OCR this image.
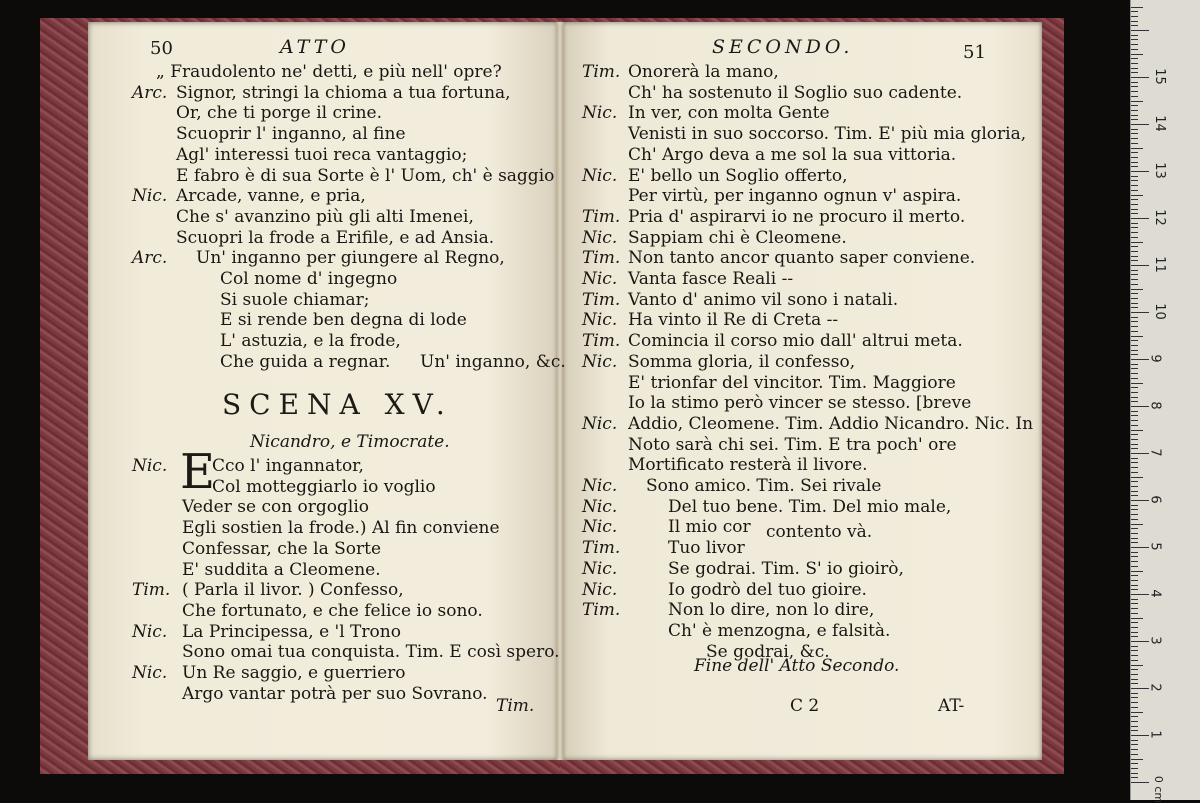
50	ATTO
„ Fraudolento ne' detti, e più nell' opre?
Arc. Signor, stringi la chioma a tua fortuna,
Or, che ti porge il crine.
Scuoprir l' inganno, al fine
Agl' interessi tuoi reca vantaggio;
E fabro è di sua Sorte è l' Uom, ch' è saggio
Nic. Arcade, vanne, e pria,
Che s' avanzino più gli alti Imenei,
Scuopri la frode a Erifile, e ad Ansia.
Arc. Un' inganno per giungere al Regno,
Col nome d' ingegno
Si suole chiamar;
E si rende ben degna di lode
L' astuzia, e la frode,
Che guida a regnar. Un' inganno, &c.
SCENA XV.
Nicandro, e Timocrate.
E
Nic.	Cco l' ingannator,
Col motteggiarlo io voglio
Veder se con orgoglio
Egli sostien la frode.) Al fin conviene
Confessar, che la Sorte
E' suddita a Cleomene.
Tim. ( Parla il livor. ) Confesso,
Che fortunato, e che felice io sono.
Nic. La Principessa, e 'l Trono
Sono omai tua conquista. Tim. E così spero.
Nic. Un Re saggio, e guerriero
Argo vantar potrà per suo Sovrano.
Tim.
SECONDO.	51
Tim. Onorerà la mano,
Ch' ha sostenuto il Soglio suo cadente.
Nic. In ver, con molta Gente
Venisti in suo soccorso. Tim. E' più mia gloria,
Ch' Argo deva a me sol la sua vittoria.
Nic. E' bello un Soglio offerto,
Per virtù, per inganno ognun v' aspira.
Tim. Pria d' aspirarvi io ne procuro il merto.
Nic. Sappiam chi è Cleomene.
Tim. Non tanto ancor quanto saper conviene.
Nic. Vanta fasce Reali --
Tim. Vanto d' animo vil sono i natali.
Nic. Ha vinto il Re di Creta --
Tim. Comincia il corso mio dall' altrui meta.
Nic. Somma gloria, il confesso,
E' trionfar del vincitor. Tim. Maggiore
Io la stimo però vincer se stesso. [breve
Nic. Addio, Cleomene. Tim. Addio Nicandro. Nic. In
Noto sarà chi sei. Tim. E tra poch' ore
Mortificato resterà il livore.
Nic. Sono amico. Tim. Sei rivale
Nic.	Del tuo bene. Tim. Del mio male,
Nic.	Il mio cor
Tim.	Tuo livor
Nic.	Se godrai. Tim. S' io gioirò,
Nic.	Io godrò del tuo gioire.
Tim.	Non lo dire, non lo dire,
Ch' è menzogna, e falsità.
Se godrai, &c.
contento và.
Fine dell' Atto Secondo.
C 2	AT-
0 cm
1
2
3
4
5
6
7
8
9
10
11
12
13
14
15
